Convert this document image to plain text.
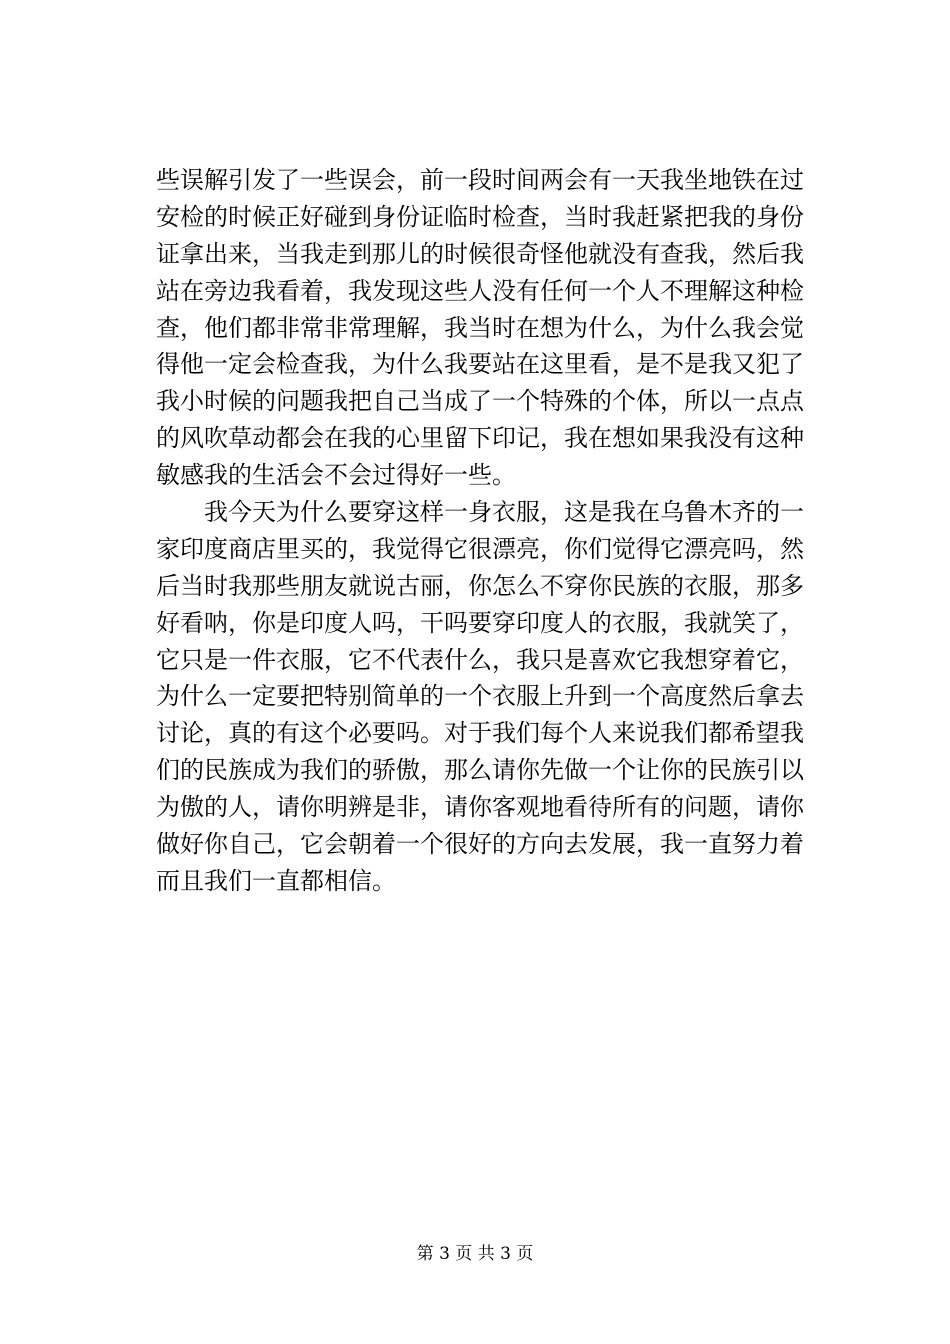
些误解引发了一些误会，前一段时间两会有一天我坐地铁在过
安检的时候正好碰到身份证临时检查，当时我赶紧把我的身份
证拿出来，当我走到那儿的时候很奇怪他就没有查我，然后我
站在旁边我看着，我发现这些人没有任何一个人不理解这种检
查，他们都非常非常理解，我当时在想为什么，为什么我会觉
得他一定会检查我，为什么我要站在这里看，是不是我又犯了
我小时候的问题我把自己当成了一个特殊的个体，所以一点点
的风吹草动都会在我的心里留下印记，我在想如果我没有这种
敏感我的生活会不会过得好一些。
我今天为什么要穿这样一身衣服，这是我在乌鲁木齐的一
家印度商店里买的，我觉得它很漂亮，你们觉得它漂亮吗，然
后当时我那些朋友就说古丽，你怎么不穿你民族的衣服，那多
好看呐，你是印度人吗，干吗要穿印度人的衣服，我就笑了，
它只是一件衣服，它不代表什么，我只是喜欢它我想穿着它，
为什么一定要把特别简单的一个衣服上升到一个高度然后拿去
讨论，真的有这个必要吗。对于我们每个人来说我们都希望我
们的民族成为我们的骄傲，那么请你先做一个让你的民族引以
为傲的人，请你明辨是非，请你客观地看待所有的问题，请你
做好你自己，它会朝着一个很好的方向去发展，我一直努力着
而且我们一直都相信。
第 3 页 共 3 页
